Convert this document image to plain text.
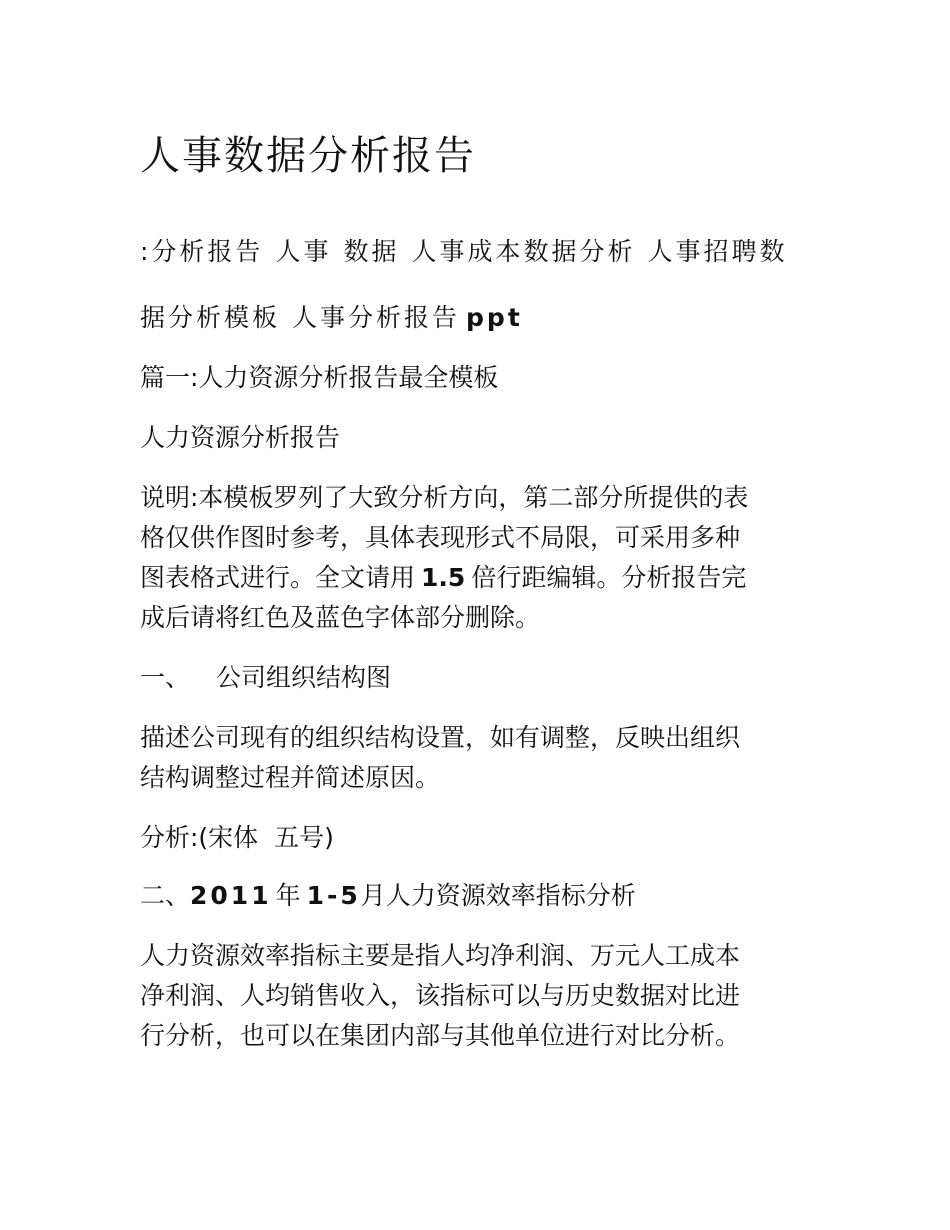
人事数据分析报告
:分析报告 人事 数据 人事成本数据分析 人事招聘数
据分析模板 人事分析报告 ppt
篇一:人力资源分析报告最全模板
人力资源分析报告
说明:本模板罗列了大致分析方向，第二部分所提供的表
格仅供作图时参考，具体表现形式不局限，可采用多种
图表格式进行。全文请用 1.5 倍行距编辑。分析报告完
成后请将红色及蓝色字体部分删除。
一、 公司组织结构图
描述公司现有的组织结构设置，如有调整，反映出组织
结构调整过程并简述原因。
分析:(宋体  五号)
二、2011 年 1-5月人力资源效率指标分析
人力资源效率指标主要是指人均净利润、万元人工成本
净利润、人均销售收入，该指标可以与历史数据对比进
行分析，也可以在集团内部与其他单位进行对比分析。
